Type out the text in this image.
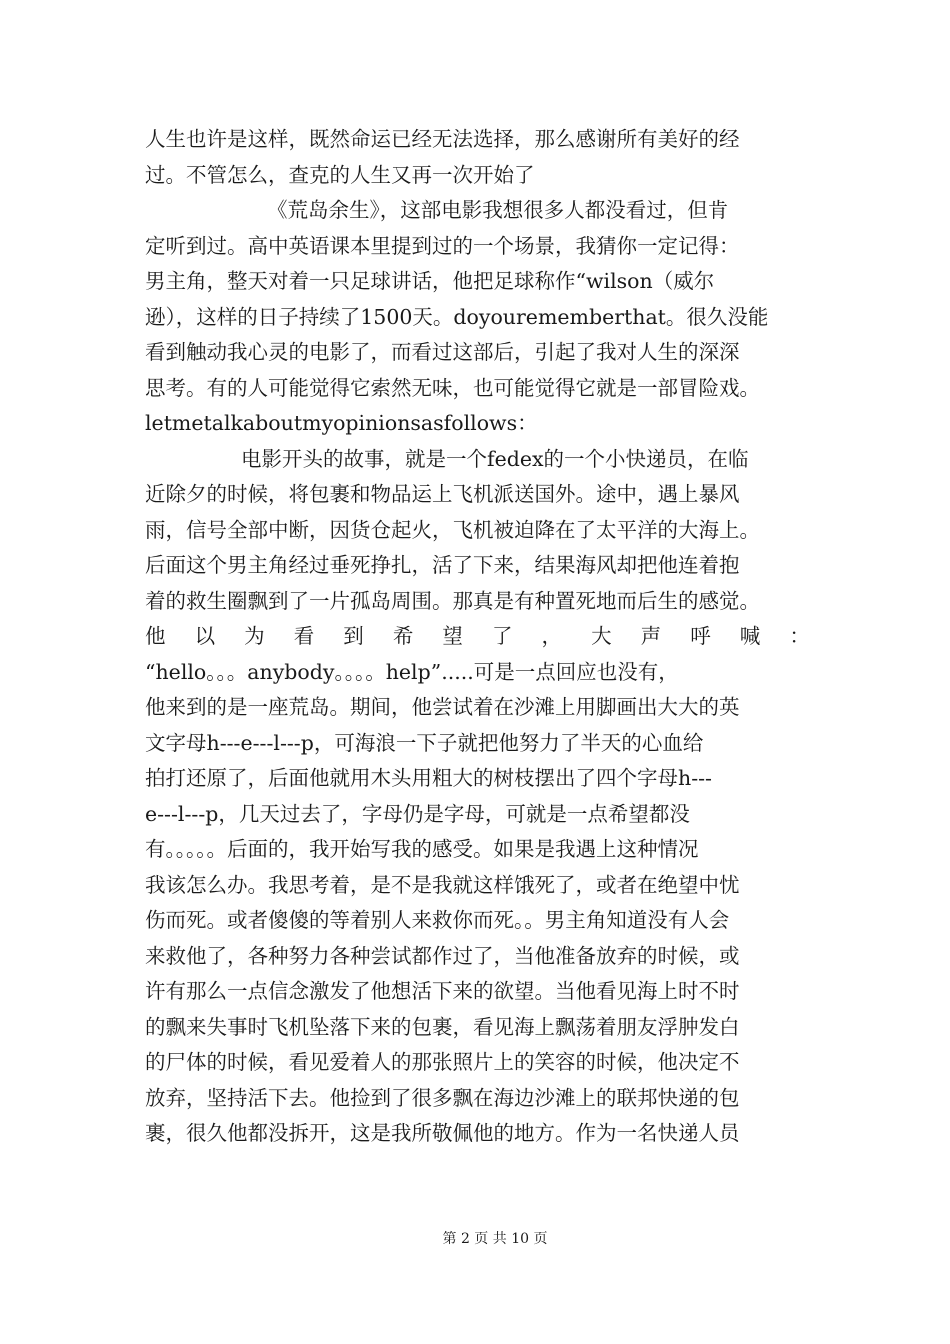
人生也许是这样，既然命运已经无法选择，那么感谢所有美好的经
过。不管怎么，查克的人生又再一次开始了
《荒岛余生》，这部电影我想很多人都没看过，但肯
定听到过。高中英语课本里提到过的一个场景，我猜你一定记得：
男主角，整天对着一只足球讲话，他把足球称作“wilson（威尔
逊），这样的日子持续了1500天。doyourememberthat。很久没能
看到触动我心灵的电影了，而看过这部后，引起了我对人生的深深
思考。有的人可能觉得它索然无味，也可能觉得它就是一部冒险戏。
letmetalkaboutmyopinionsasfollows：
电影开头的故事，就是一个fedex的一个小快递员，在临
近除夕的时候，将包裹和物品运上飞机派送国外。途中，遇上暴风
雨，信号全部中断，因货仓起火，飞机被迫降在了太平洋的大海上。
后面这个男主角经过垂死挣扎，活了下来，结果海风却把他连着抱
着的救生圈飘到了一片孤岛周围。那真是有种置死地而后生的感觉。
他 以 为 看 到 希 望 了 ， 大 声 呼 喊 ：
“hello。。。anybody。。。。help”.....可是一点回应也没有，
他来到的是一座荒岛。期间，他尝试着在沙滩上用脚画出大大的英
文字母h---e---l---p，可海浪一下子就把他努力了半天的心血给
拍打还原了，后面他就用木头用粗大的树枝摆出了四个字母h---
e---l---p，几天过去了，字母仍是字母，可就是一点希望都没
有。。。。。后面的，我开始写我的感受。如果是我遇上这种情况
我该怎么办。我思考着，是不是我就这样饿死了，或者在绝望中忧
伤而死。或者傻傻的等着别人来救你而死。。男主角知道没有人会
来救他了，各种努力各种尝试都作过了，当他准备放弃的时候，或
许有那么一点信念激发了他想活下来的欲望。当他看见海上时不时
的飘来失事时飞机坠落下来的包裹，看见海上飘荡着朋友浮肿发白
的尸体的时候，看见爱着人的那张照片上的笑容的时候，他决定不
放弃，坚持活下去。他捡到了很多飘在海边沙滩上的联邦快递的包
裹，很久他都没拆开，这是我所敬佩他的地方。作为一名快递人员
第 2 页 共 10 页
